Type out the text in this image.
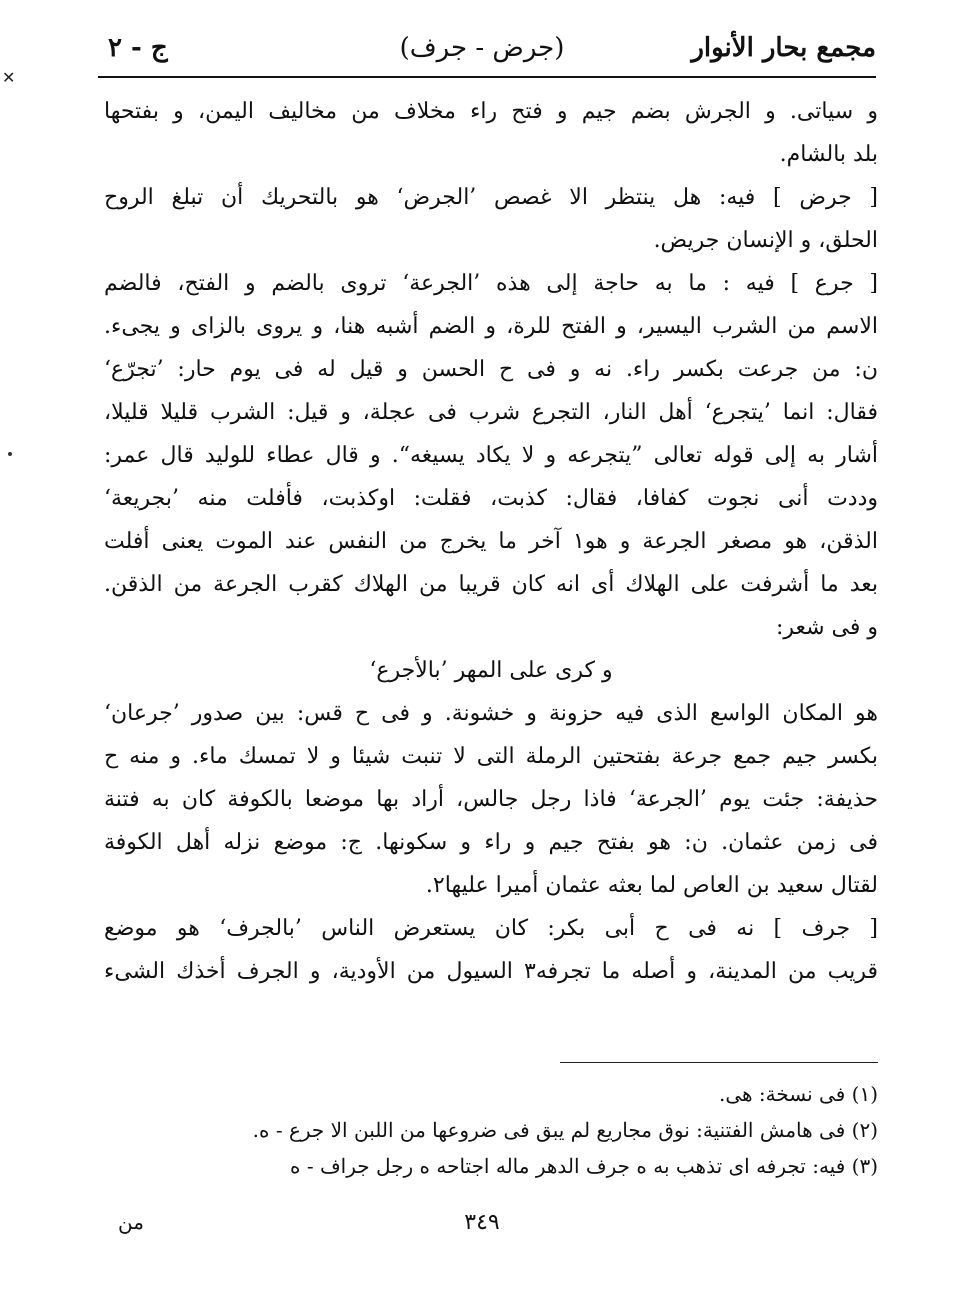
✕
مجمع بحار الأنوار
(جرض - جرف)
ج - ٢
و سياتى. و الجرش بضم جيم و فتح راء مخلاف من مخاليف اليمن، و بفتحها
بلد بالشام.
[ جرض ] فيه: هل ينتظر الا غصص ’الجرض‘ هو بالتحريك أن تبلغ الروح
الحلق، و الإنسان جريض.
[ جرع ] فيه : ما به حاجة إلى هذه ’الجرعة‘ تروى بالضم و الفتح، فالضم
الاسم من الشرب اليسير، و الفتح للرة، و الضم أشبه هنا، و يروى بالزاى و يجىء.
ن: من جرعت بكسر راء. نه و فى ح الحسن و قيل له فى يوم حار: ’تجرّع‘
فقال: انما ’يتجرع‘ أهل النار، التجرع شرب فى عجلة، و قيل: الشرب قليلا قليلا،
أشار به إلى قوله تعالى ”يتجرعه و لا يكاد يسيغه“. و قال عطاء للوليد قال عمر:
وددت أنى نجوت كفافا، فقال: كذبت، فقلت: اوكذبت، فأفلت منه ’بجريعة‘
الذقن، هو مصغر الجرعة و هو١ آخر ما يخرج من النفس عند الموت يعنى أفلت
بعد ما أشرفت على الهلاك أى انه كان قريبا من الهلاك كقرب الجرعة من الذقن.
و فى شعر:
و كرى على المهر ’بالأجرع‘
هو المكان الواسع الذى فيه حزونة و خشونة. و فى ح قس: بين صدور ’جرعان‘
بكسر جيم جمع جرعة بفتحتين الرملة التى لا تنبت شيئا و لا تمسك ماء. و منه ح
حذيفة: جئت يوم ’الجرعة‘ فاذا رجل جالس، أراد بها موضعا بالكوفة كان به فتنة
فى زمن عثمان. ن: هو بفتح جيم و راء و سكونها. ج: موضع نزله أهل الكوفة
لقتال سعيد بن العاص لما بعثه عثمان أميرا عليها٢.
[ جرف ] نه فى ح أبى بكر: كان يستعرض الناس ’بالجرف‘ هو موضع
قريب من المدينة، و أصله ما تجرفه٣ السيول من الأودية، و الجرف أخذك الشىء
(١) فى نسخة: هى.
(٢) فى هامش الفتنية: نوق مجاريع لم يبق فى ضروعها من اللبن الا جرع - ه.
(٣) فيه: تجرفه اى تذهب به ه جرف الدهر ماله اجتاحه ه رجل جراف - ه
٣٤٩
من
